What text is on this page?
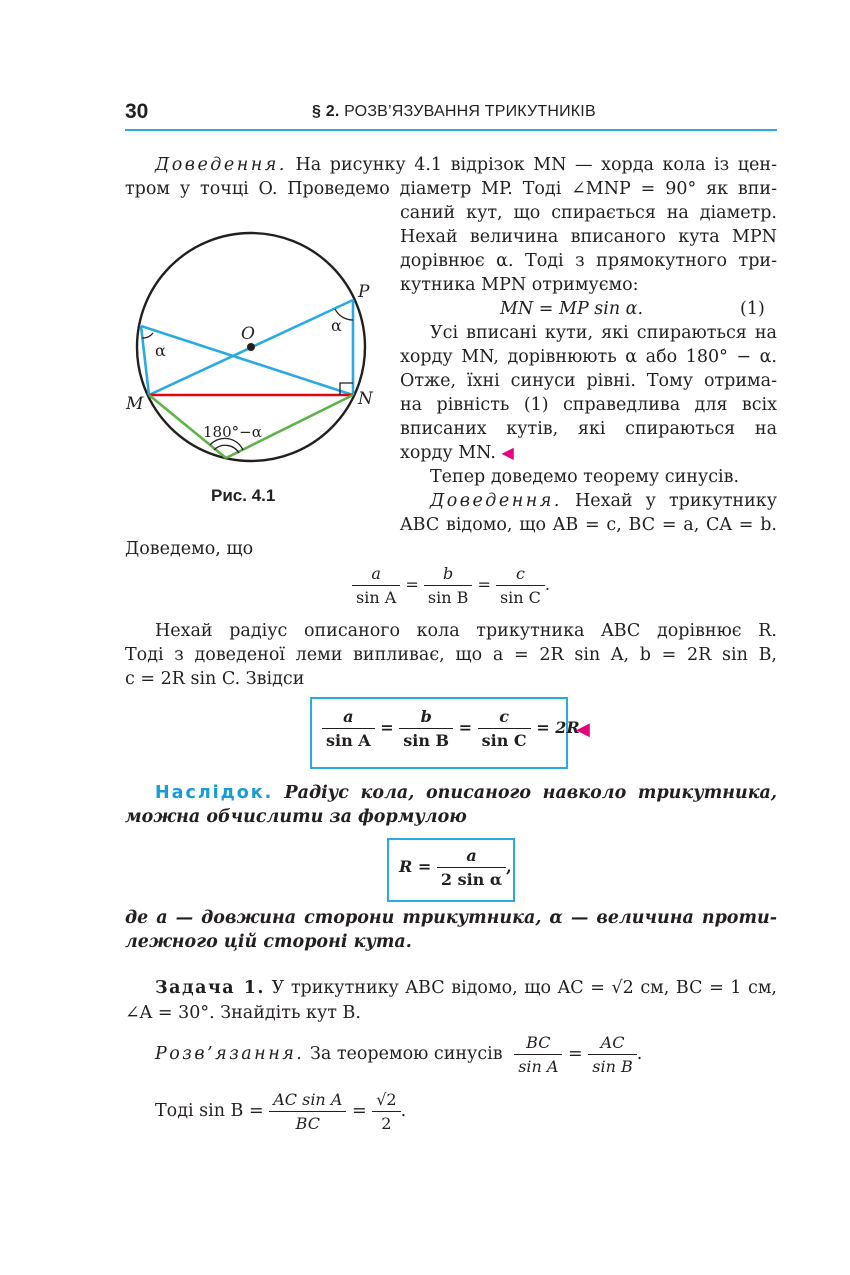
30	§ 2. РОЗВ’ЯЗУВАННЯ ТРИКУТНИКІВ
Доведення. На рисунку 4.1 відрізок MN — хорда кола із цен-
тром у точці O. Проведемо діаметр MP. Тоді ∠MNP = 90° як впи-
саний кут, що спирається на діаметр.
Нехай величина вписаного кута MPN
дорівнює α. Тоді з прямокутного три-
кутника MPN отримуємо:
MN = MP sin α.	(1)
Усі вписані кути, які спираються на
хорду MN, дорівнюють α або 180° − α.
Отже, їхні синуси рівні. Тому отрима-
на рівність (1) справедлива для всіх
вписаних кутів, які спираються на
хорду MN. ◀
P
O
M	N
α
α
180°−α
Рис. 4.1
Тепер доведемо теорему синусів.
Доведення. Нехай у трикутнику
ABC відомо, що AB = c, BC = a, CA = b.
Доведемо, що
$\frac{a}{\text{sin A}} = \frac{b}{\text{sin B}} = \frac{c}{\text{sin C}}$ .
Нехай радіус описаного кола трикутника ABC дорівнює R.
Тоді з доведеної леми випливає, що a = 2R sin A, b = 2R sin B,
c = 2R sin C. Звідси
$\frac{a}{\text{sin A}} = \frac{b}{\text{sin B}} = \frac{c}{\text{sin C}} = 2R$
◀
Наслідок. Радіус кола, описаного навколо трикутника,
можна обчислити за формулою
$R = \frac{a}{\text{2 sin α}}$ ,
де a — довжина сторони трикутника, α — величина проти-
лежного цій стороні кута.
Задача 1. У трикутнику ABC відомо, що AC = √2 см, BC = 1 см,
∠A = 30°. Знайдіть кут B.
Розв’язання. За теоремою синусів $\frac{BC}{\text{sin A}} = \frac{AC}{\text{sin B}}$ .
Тоді $\sin B = \frac{\text{AC sin A}}{BC} = \frac{√2}{2}$ .
